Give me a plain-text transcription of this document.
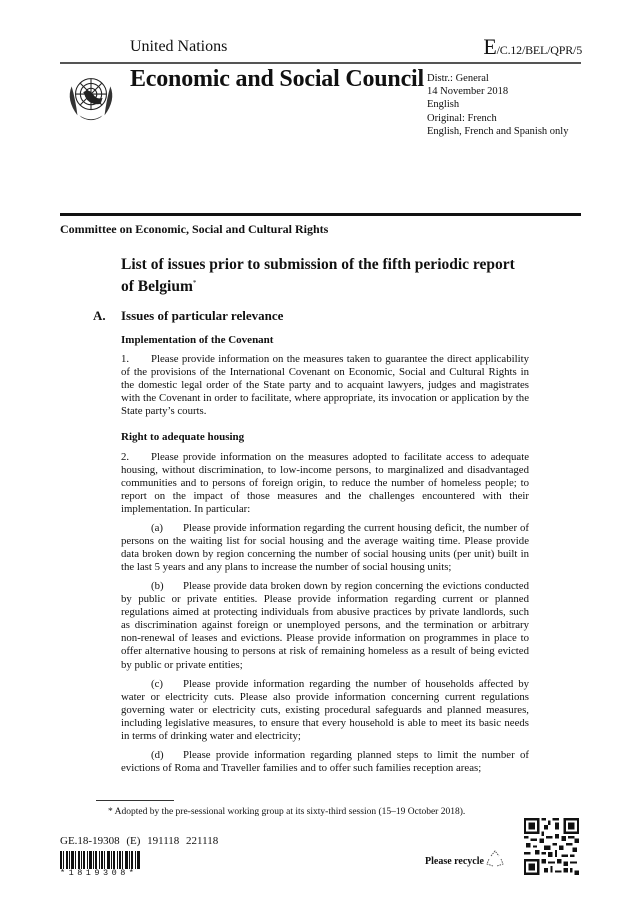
United Nations	E/C.12/BEL/QPR/5
Economic and Social Council Distr.: General
14 November 2018
English
Original: French
English, French and Spanish only
Committee on Economic, Social and Cultural Rights
List of issues prior to submission of the fifth periodic report
of Belgium*
A. Issues of particular relevance
Implementation of the Covenant
1. Please provide information on the measures taken to guarantee the direct applicability of the provisions of the International Covenant on Economic, Social and Cultural Rights in the domestic legal order of the State party and to acquaint lawyers, judges and magistrates with the Covenant in order to facilitate, where appropriate, its invocation or application by the State party’s courts.
Right to adequate housing
2. Please provide information on the measures adopted to facilitate access to adequate housing, without discrimination, to low-income persons, to marginalized and disadvantaged communities and to persons of foreign origin, to reduce the number of homeless people; to report on the impact of those measures and the challenges encountered with their implementation. In particular:
(a) Please provide information regarding the current housing deficit, the number of persons on the waiting list for social housing and the average waiting time. Please provide data broken down by region concerning the number of social housing units (per unit) built in the last 5 years and any plans to increase the number of social housing units;
(b) Please provide data broken down by region concerning the evictions conducted by public or private entities. Please provide information regarding current or planned regulations aimed at protecting individuals from abusive practices by private landlords, such as discrimination against foreign or unemployed persons, and the termination or arbitrary non-renewal of leases and evictions. Please provide information on programmes in place to offer alternative housing to persons at risk of remaining homeless as a result of being evicted by public or private entities;
(c) Please provide information regarding the number of households affected by water or electricity cuts. Please also provide information concerning current regulations governing water or electricity cuts, existing procedural safeguards and planned measures, including legislative measures, to ensure that every household is able to meet its basic needs in terms of drinking water and electricity;
(d) Please provide information regarding planned steps to limit the number of evictions of Roma and Traveller families and to offer such families reception areas;
* Adopted by the pre-sessional working group at its sixty-third session (15–19 October 2018).
GE.18-19308 (E) 191118 221118
*1819308*
Please recycle
